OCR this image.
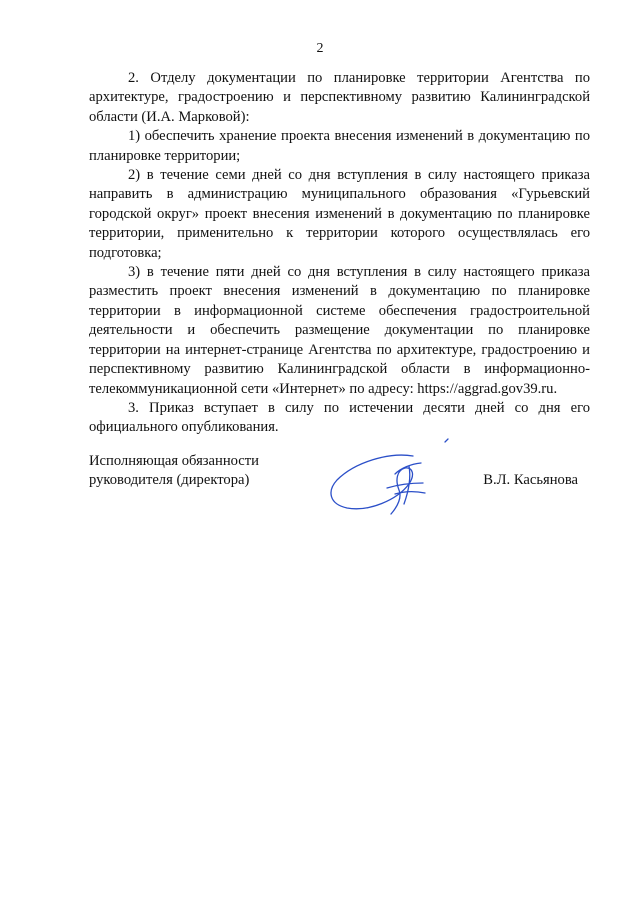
2

2. Отделу документации по планировке территории Агентства по архитектуре, градостроению и перспективному развитию Калининградской области (И.А. Марковой):

1) обеспечить хранение проекта внесения изменений в документацию по планировке территории;

2) в течение семи дней со дня вступления в силу настоящего приказа направить в администрацию муниципального образования «Гурьевский городской округ» проект внесения изменений в документацию по планировке территории, применительно к территории которого осуществлялась его подготовка;

3) в течение пяти дней со дня вступления в силу настоящего приказа разместить проект внесения изменений в документацию по планировке территории в информационной системе обеспечения градостроительной деятельности и обеспечить размещение документации по планировке территории на интернет-странице Агентства по архитектуре, градостроению и перспективному развитию Калининградской области в информационно-телекоммуникационной сети «Интернет» по адресу: https://aggrad.gov39.ru.

3. Приказ вступает в силу по истечении десяти дней со дня его официального опубликования.

Исполняющая обязанности
руководителя (директора)	В.Л. Касьянова
